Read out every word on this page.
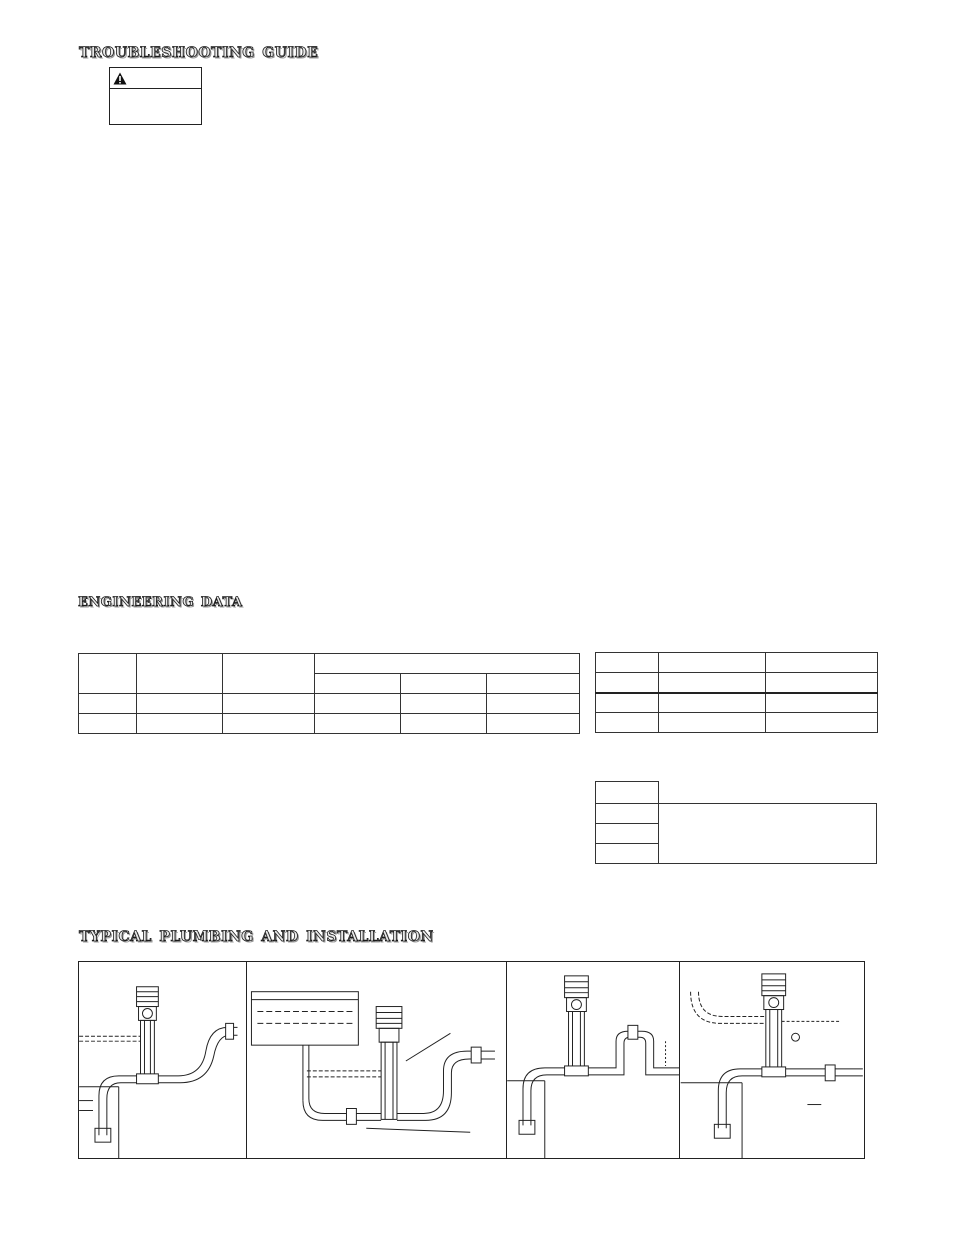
troubleshooting guide
engineering data

typical plumbing and installation
